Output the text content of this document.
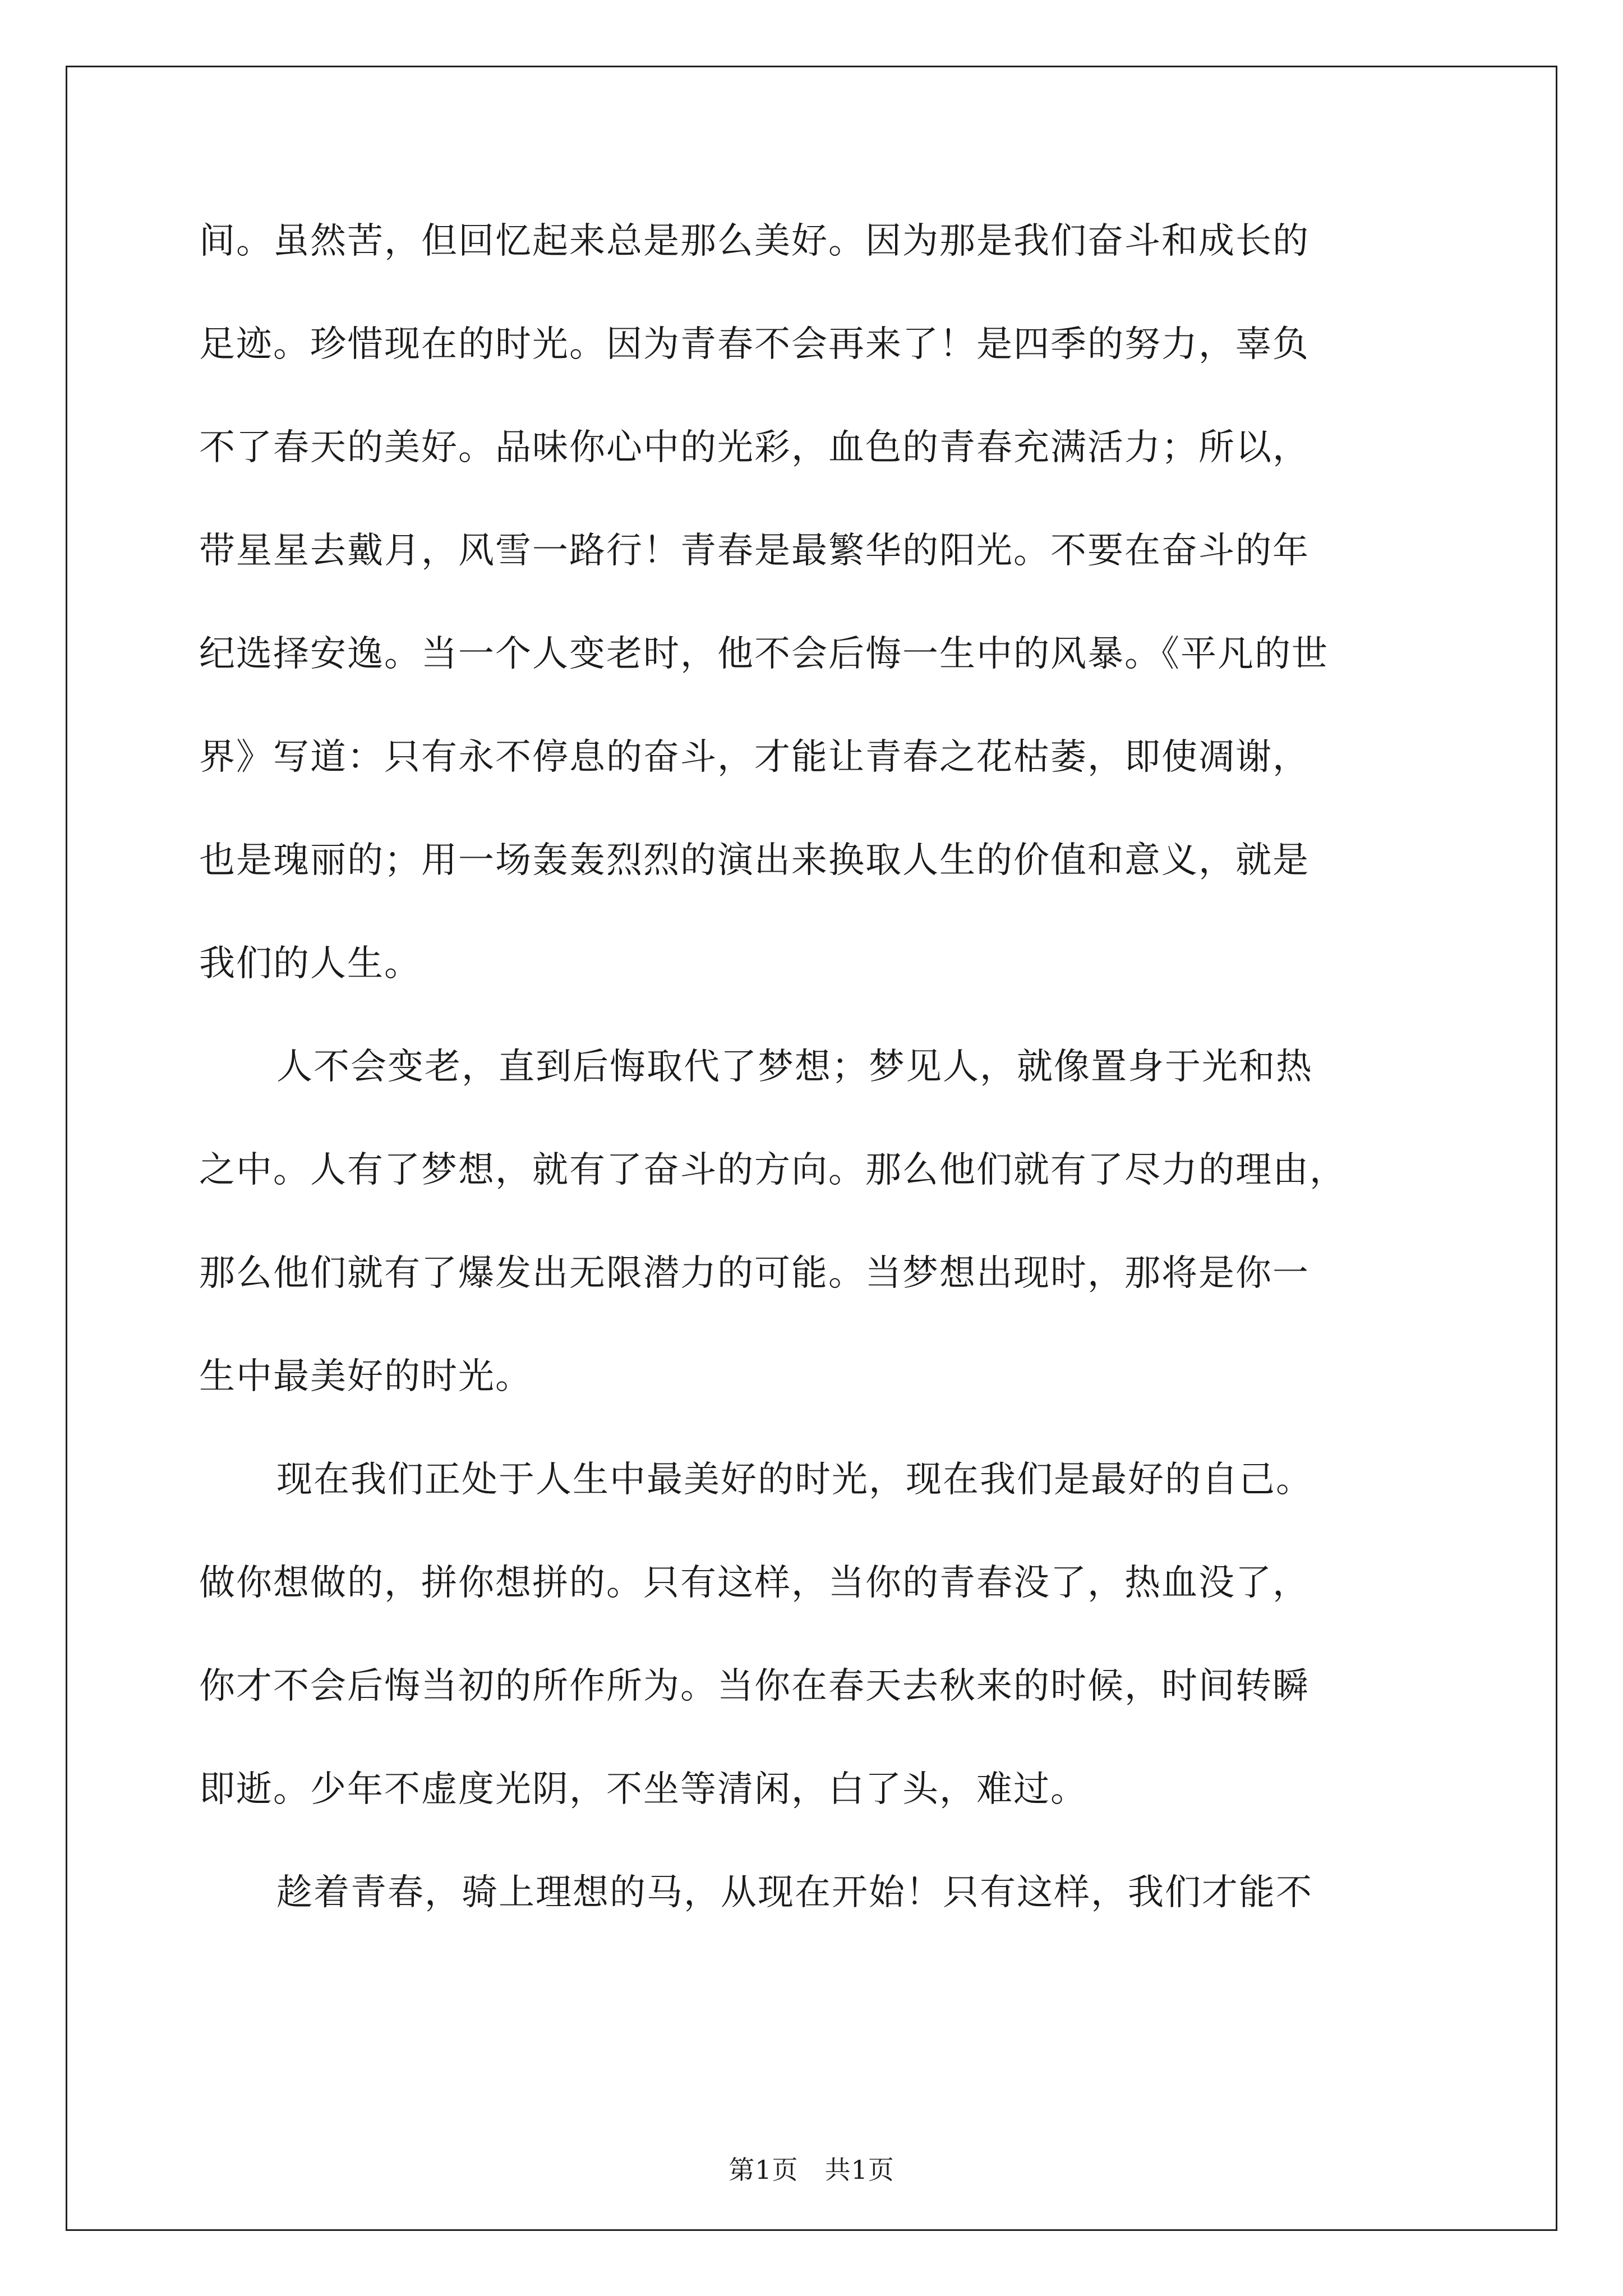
间。虽然苦，但回忆起来总是那么美好。因为那是我们奋斗和成长的
足迹。珍惜现在的时光。因为青春不会再来了！是四季的努力，辜负
不了春天的美好。品味你心中的光彩，血色的青春充满活力；所以，
带星星去戴月，风雪一路行！青春是最繁华的阳光。不要在奋斗的年
纪选择安逸。当一个人变老时，他不会后悔一生中的风暴。《平凡的世
界》写道：只有永不停息的奋斗，才能让青春之花枯萎，即使凋谢，
也是瑰丽的；用一场轰轰烈烈的演出来换取人生的价值和意义，就是
我们的人生。
人不会变老，直到后悔取代了梦想；梦见人，就像置身于光和热
之中。人有了梦想，就有了奋斗的方向。那么他们就有了尽力的理由，
那么他们就有了爆发出无限潜力的可能。当梦想出现时，那将是你一
生中最美好的时光。
现在我们正处于人生中最美好的时光，现在我们是最好的自己。
做你想做的，拼你想拼的。只有这样，当你的青春没了，热血没了，
你才不会后悔当初的所作所为。当你在春天去秋来的时候，时间转瞬
即逝。少年不虚度光阴，不坐等清闲，白了头，难过。
趁着青春，骑上理想的马，从现在开始！只有这样，我们才能不
第1页　共1页
